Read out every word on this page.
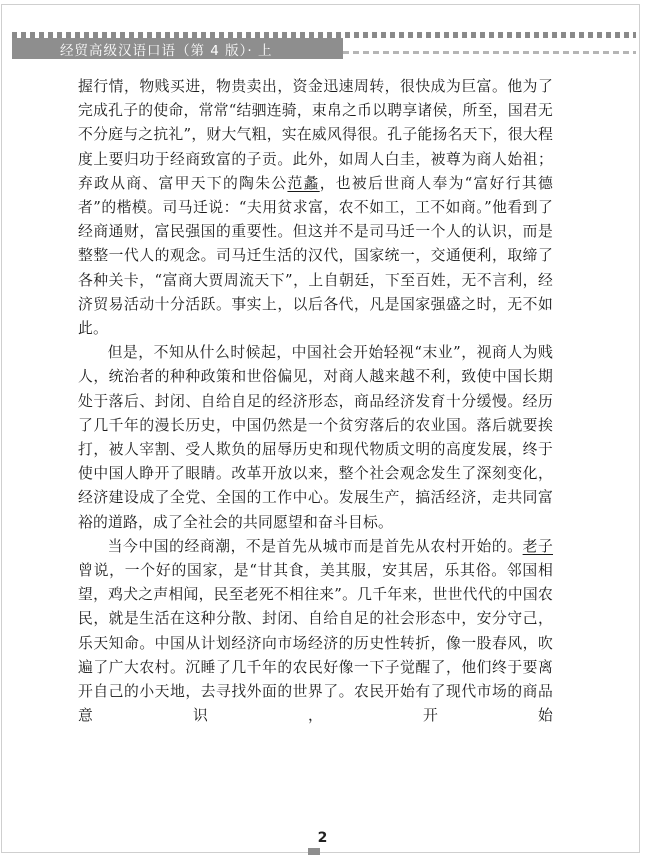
经贸高级汉语口语（第 4 版）· 上

握行情，物贱买进，物贵卖出，资金迅速周转，很快成为巨富。他为了完成孔子的使命，常常“结驷连骑，束帛之币以聘享诸侯，所至，国君无不分庭与之抗礼”，财大气粗，实在威风得很。孔子能扬名天下，很大程度上要归功于经商致富的子贡。此外，如周人白圭，被尊为商人始祖；弃政从商、富甲天下的陶朱公范蠡，也被后世商人奉为“富好行其德者”的楷模。司马迁说：“夫用贫求富，农不如工，工不如商。”他看到了经商通财，富民强国的重要性。但这并不是司马迁一个人的认识，而是整整一代人的观念。司马迁生活的汉代，国家统一，交通便利，取缔了各种关卡，“富商大贾周流天下”，上自朝廷，下至百姓，无不言利，经济贸易活动十分活跃。事实上，以后各代，凡是国家强盛之时，无不如此。

但是，不知从什么时候起，中国社会开始轻视“末业”，视商人为贱人，统治者的种种政策和世俗偏见，对商人越来越不利，致使中国长期处于落后、封闭、自给自足的经济形态，商品经济发育十分缓慢。经历了几千年的漫长历史，中国仍然是一个贫穷落后的农业国。落后就要挨打，被人宰割、受人欺负的屈辱历史和现代物质文明的高度发展，终于使中国人睁开了眼睛。改革开放以来，整个社会观念发生了深刻变化，经济建设成了全党、全国的工作中心。发展生产，搞活经济，走共同富裕的道路，成了全社会的共同愿望和奋斗目标。

当今中国的经商潮，不是首先从城市而是首先从农村开始的。老子曾说，一个好的国家，是“甘其食，美其服，安其居，乐其俗。邻国相望，鸡犬之声相闻，民至老死不相往来”。几千年来，世世代代的中国农民，就是生活在这种分散、封闭、自给自足的社会形态中，安分守己，乐天知命。中国从计划经济向市场经济的历史性转折，像一股春风，吹遍了广大农村。沉睡了几千年的农民好像一下子觉醒了，他们终于要离开自己的小天地，去寻找外面的世界了。农民开始有了现代市场的商品意识，开始

2
